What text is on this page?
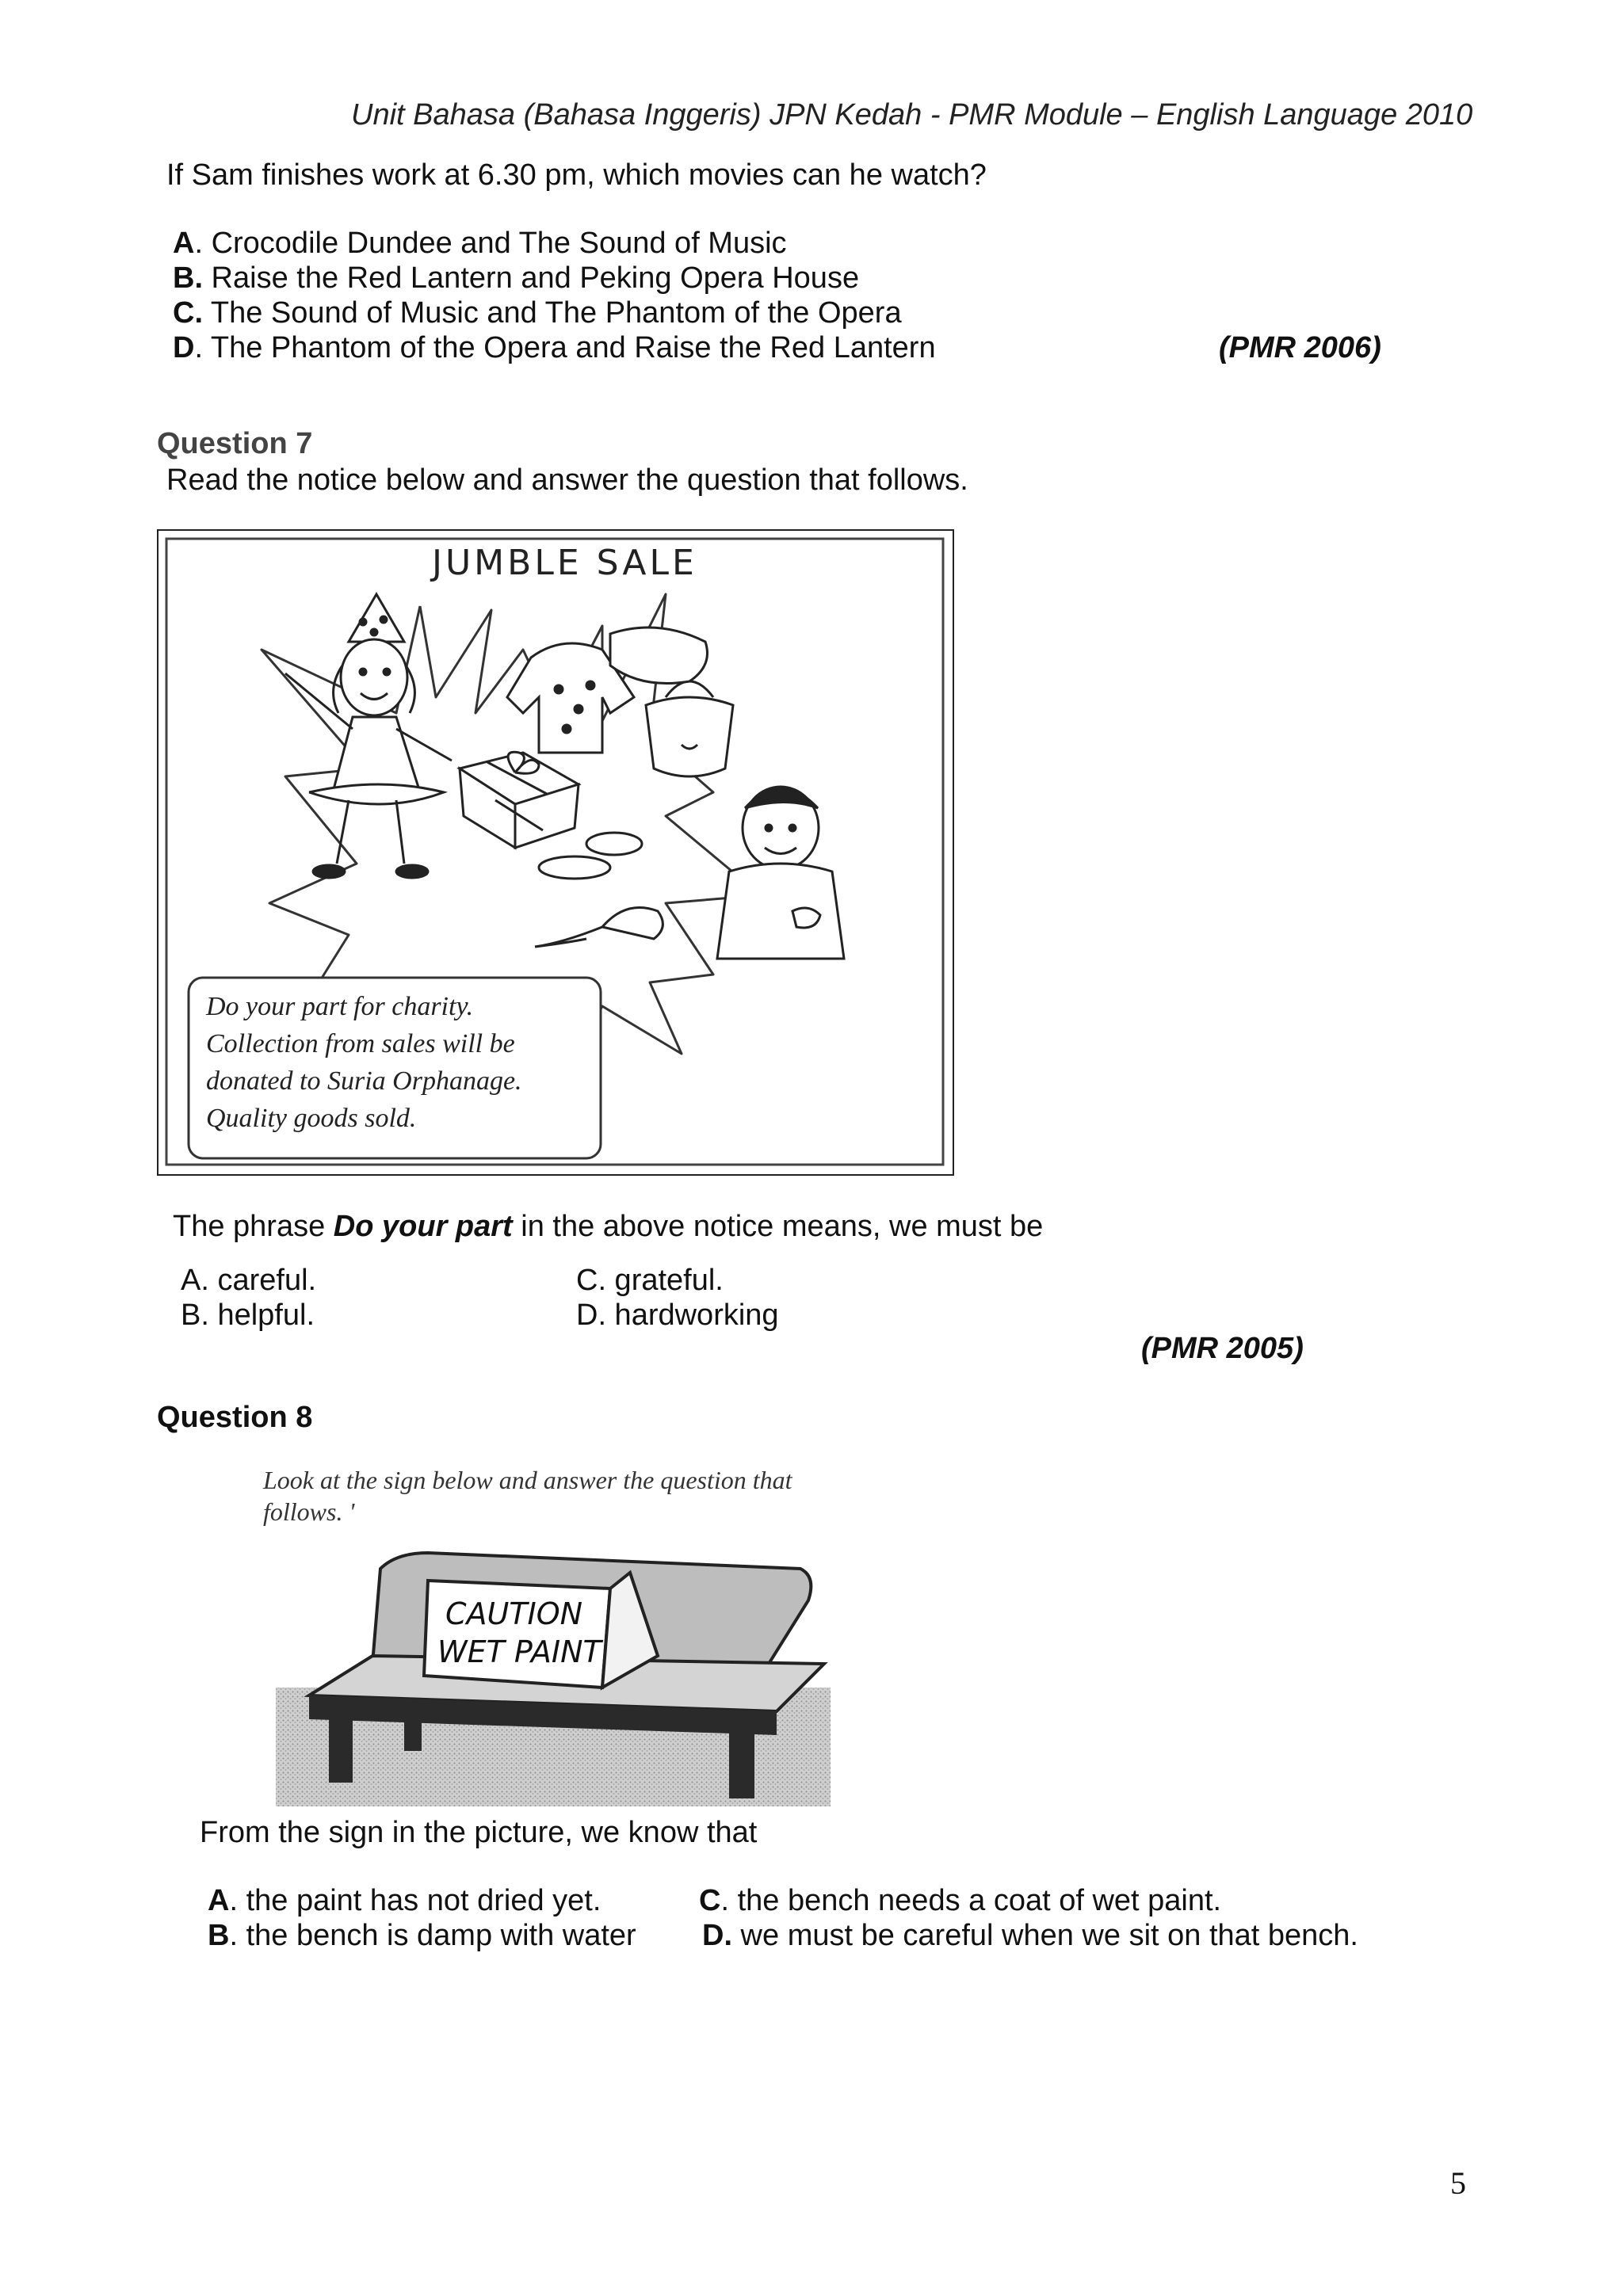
Unit Bahasa (Bahasa Inggeris) JPN Kedah - PMR Module – English Language 2010
If Sam finishes work at 6.30 pm, which movies can he watch?
A. Crocodile Dundee and The Sound of Music
B. Raise the Red Lantern and Peking Opera House
C. The Sound of Music and The Phantom of the Opera
D. The Phantom of the Opera and Raise the Red Lantern	(PMR 2006)
Question 7
Read the notice below and answer the question that follows.
JUMBLE SALE
Do your part for charity.
Collection from sales will be
donated to Suria Orphanage.
Quality goods sold.
The phrase Do your part in the above notice means, we must be
A. careful.
B. helpful.
C. grateful.
D. hardworking
(PMR 2005)
Question 8
Look at the sign below and answer the question that
follows. '
CAUTION
WET PAINT
From the sign in the picture, we know that
A. the paint has not dried yet.
B. the bench is damp with water
C. the bench needs a coat of wet paint.
D. we must be careful when we sit on that bench.
5
